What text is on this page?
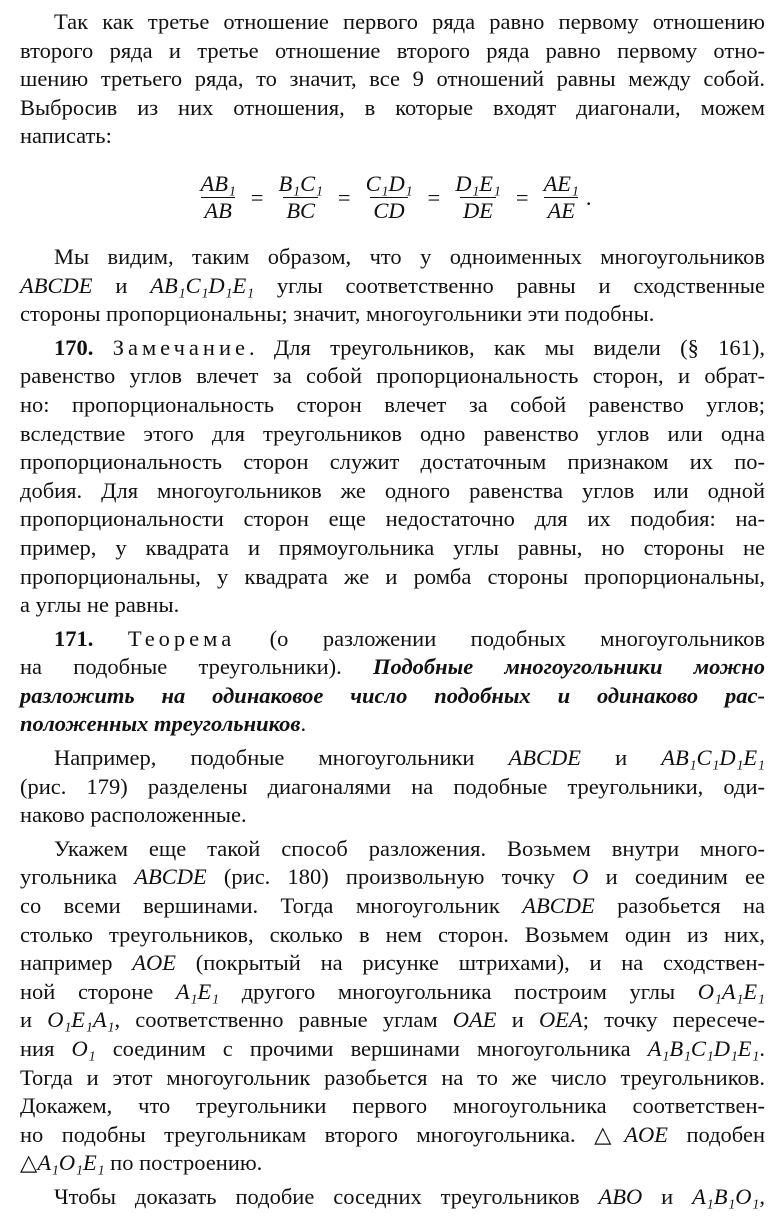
Так как третье отношение первого ряда равно первому отношению
второго ряда и третье отношение второго ряда равно первому отно-
шению третьего ряда, то значит, все 9 отношений равны между собой.
Выбросив из них отношения, в которые входят диагонали, можем
написать:
$\frac{\text{AB₁}}{AB} = \frac{\text{B₁C₁}}{BC} = \frac{\text{C₁D₁}}{CD} = \frac{\text{D₁E₁}}{DE} = \frac{\text{AE₁}}{AE}$ .
Мы видим, таким образом, что у одноименных многоугольников
ABCDE и AB₁C₁D₁E₁ углы соответственно равны и сходственные
стороны пропорциональны; значит, многоугольники эти подобны.
170. Замечание. Для треугольников, как мы видели (§ 161),
равенство углов влечет за собой пропорциональность сторон, и обрат-
но: пропорциональность сторон влечет за собой равенство углов;
вследствие этого для треугольников одно равенство углов или одна
пропорциональность сторон служит достаточным признаком их по-
добия. Для многоугольников же одного равенства углов или одной
пропорциональности сторон еще недостаточно для их подобия: на-
пример, у квадрата и прямоугольника углы равны, но стороны не
пропорциональны, у квадрата же и ромба стороны пропорциональны,
а углы не равны.
171. Теорема (о разложении подобных многоугольников
на подобные треугольники). Подобные многоугольники можно
разложить на одинаковое число подобных и одинаково рас-
положенных треугольников.
Например, подобные многоугольники ABCDE и AB₁C₁D₁E₁
(рис. 179) разделены диагоналями на подобные треугольники, оди-
наково расположенные.
Укажем еще такой способ разложения. Возьмем внутри много-
угольника ABCDE (рис. 180) произвольную точку O и соединим ее
со всеми вершинами. Тогда многоугольник ABCDE разобьется на
столько треугольников, сколько в нем сторон. Возьмем один из них,
например AOE (покрытый на рисунке штрихами), и на сходствен-
ной стороне A₁E₁ другого многоугольника построим углы O₁A₁E₁
и O₁E₁A₁, соответственно равные углам OAE и OEA; точку пересече-
ния O₁ соединим с прочими вершинами многоугольника A₁B₁C₁D₁E₁.
Тогда и этот многоугольник разобьется на то же число треугольников.
Докажем, что треугольники первого многоугольника соответствен-
но подобны треугольникам второго многоугольника. △AOE подобен
△A₁O₁E₁ по построению.
Чтобы доказать подобие соседних треугольников ABO и A₁B₁O₁,
